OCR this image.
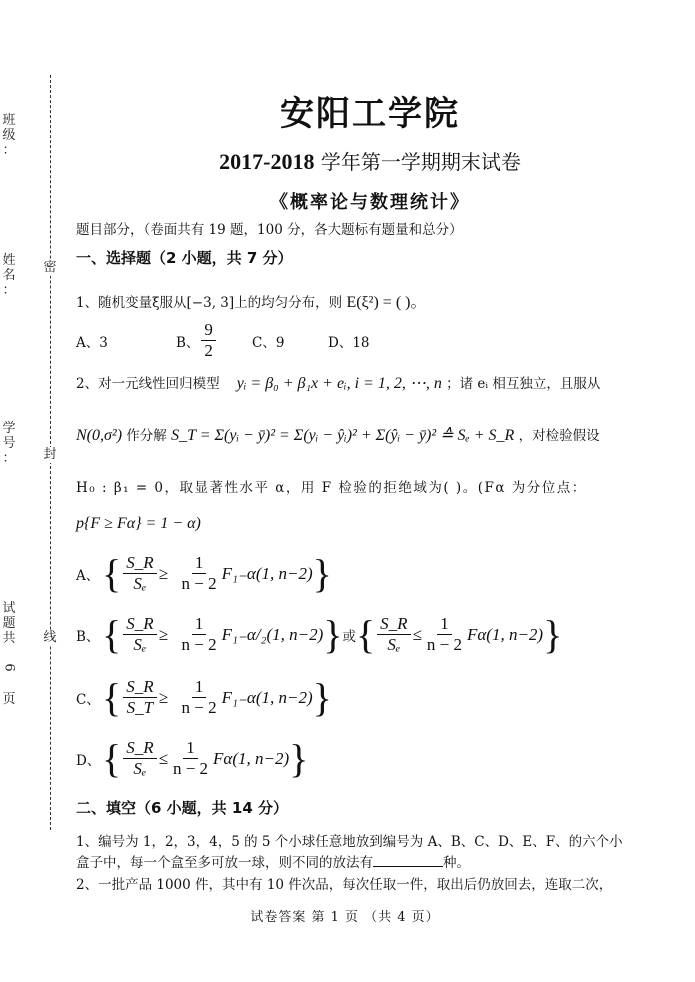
班
级
：
姓
名
：
学
号
：
试
题
共
6
页
密
封
线
安阳工学院
2017-2018 学年第一学期期末试卷
《概率论与数理统计》
题目部分，（卷面共有 19 题，100 分，各大题标有题量和总分）
一、选择题（2 小题，共 7 分）
1、随机变量ξ服从[−3, 3]上的均匀分布，则 E(ξ²) = ( )。
A、3	B、 $\frac{9}{2}$	C、9	D、18
2、对一元线性回归模型 yᵢ = β₀ + β₁x + eᵢ, i = 1, 2, ⋯, n ；诸 eᵢ 相互独立，且服从
N(0,σ²) 作分解 S_T = Σ(yᵢ − ȳ)² = Σ(yᵢ − ŷᵢ)² + Σ(ŷᵢ − ȳ)² ≙ Sₑ + S_R ，对检验假设
H₀ : β₁ = 0，取显著性水平 α，用 F 检验的拒绝域为( )。(Fα 为分位点：
p{F ≥ Fα} = 1 − α)
A、 { $\frac{S\_R}{\text{Sₑ}}$ ≥
$\frac{1}{n - 2} F_{1-}\alpha(1$, n−2) }
B、 { $\frac{S\_R}{\text{Sₑ}}$ ≥
$\frac{1}{n - 2} F_{1-}\alpha/_2(1$, n−2) } 或 { $\frac{S\_R}{\text{Sₑ}} \le \frac{1}{n - 2} F\alpha(1$, n−2) }
C、 { $\frac{S\_R}{S\_T}$ ≥
$\frac{1}{n - 2} F_{1-}\alpha(1$, n−2) }
D、 { $\frac{S\_R}{\text{Sₑ}} \le \frac{1}{n - 2} F\alpha(1$, n−2) }
二、填空（6 小题，共 14 分）
1、编号为 1，2，3，4，5 的 5 个小球任意地放到编号为 A、B、C、D、E、F、的六个小
盒子中，每一个盒至多可放一球，则不同的放法有	种。
2、一批产品 1000 件，其中有 10 件次品，每次任取一件，取出后仍放回去，连取二次，
试卷答案 第 1 页 （共 4 页）
